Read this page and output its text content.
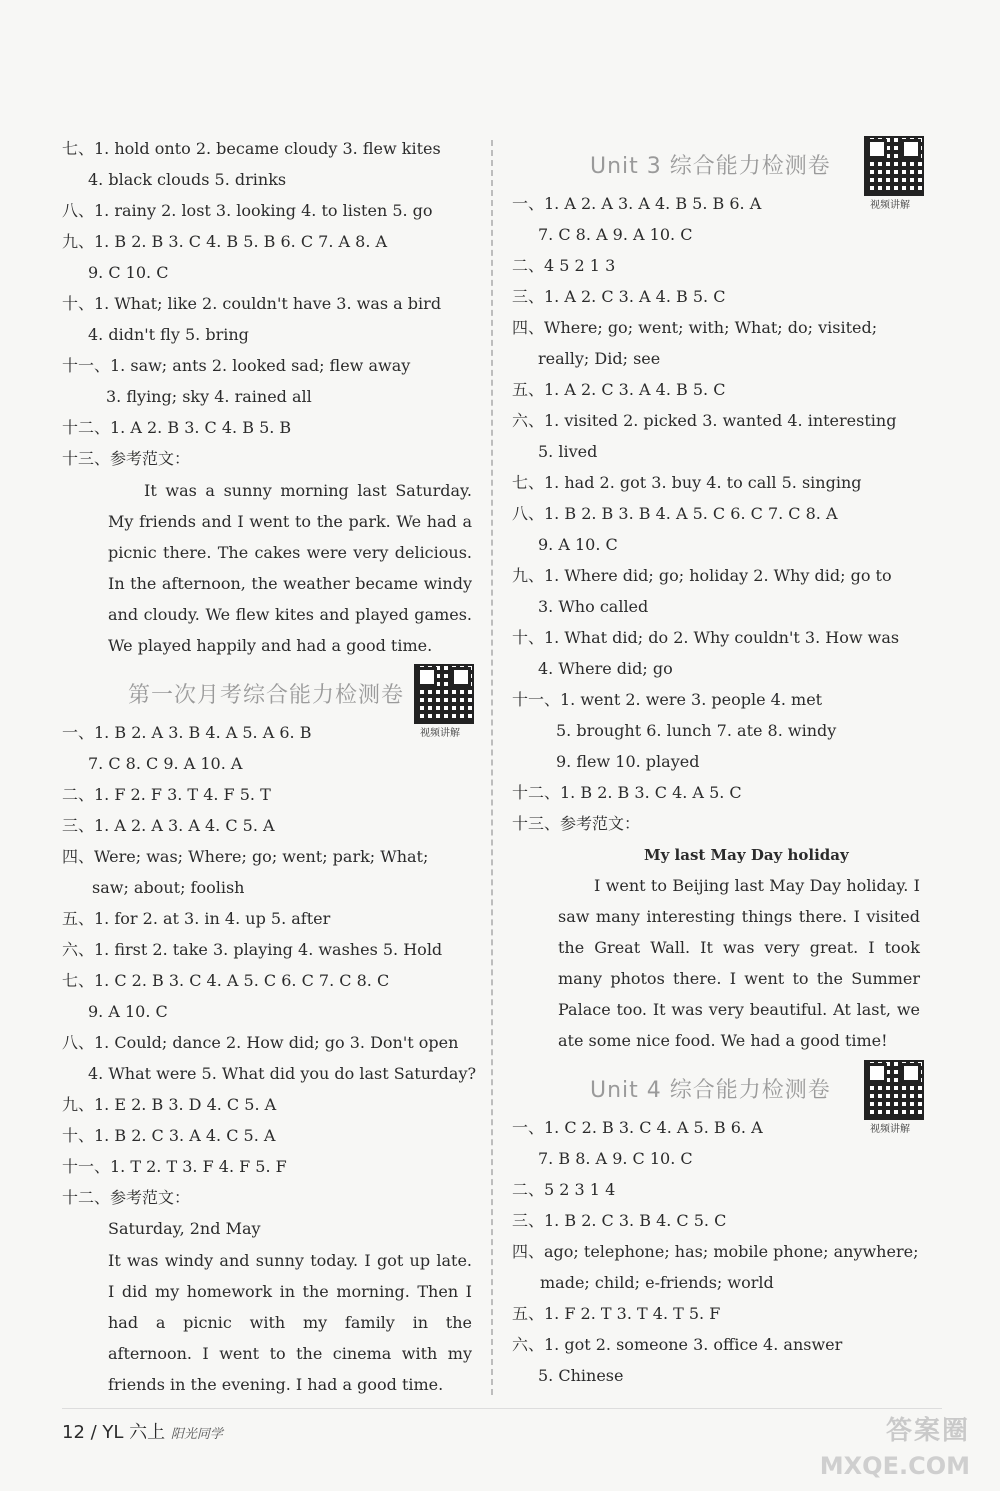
七、1. hold onto 2. became cloudy 3. flew kites
4. black clouds 5. drinks
八、1. rainy 2. lost 3. looking 4. to listen 5. go
九、1. B 2. B 3. C 4. B 5. B 6. C 7. A 8. A
9. C 10. C
十、1. What; like 2. couldn't have 3. was a bird
4. didn't fly 5. bring
十一、1. saw; ants 2. looked sad; flew away
3. flying; sky 4. rained all
十二、1. A 2. B 3. C 4. B 5. B
十三、参考范文：
It was a sunny morning last Saturday. My friends and I went to the park. We had a picnic there. The cakes were very delicious. In the afternoon, the weather became windy and cloudy. We flew kites and played games. We played happily and had a good time.
第一次月考综合能力检测卷
视频讲解
一、1. B 2. A 3. B 4. A 5. A 6. B
7. C 8. C 9. A 10. A
二、1. F 2. F 3. T 4. F 5. T
三、1. A 2. A 3. A 4. C 5. A
四、Were; was; Where; go; went; park; What;
saw; about; foolish
五、1. for 2. at 3. in 4. up 5. after
六、1. first 2. take 3. playing 4. washes 5. Hold
七、1. C 2. B 3. C 4. A 5. C 6. C 7. C 8. C
9. A 10. C
八、1. Could; dance 2. How did; go 3. Don't open
4. What were 5. What did you do last Saturday?
九、1. E 2. B 3. D 4. C 5. A
十、1. B 2. C 3. A 4. C 5. A
十一、1. T 2. T 3. F 4. F 5. F
十二、参考范文：
Saturday, 2nd May
It was windy and sunny today. I got up late. I did my homework in the morning. Then I had a picnic with my family in the afternoon. I went to the cinema with my friends in the evening. I had a good time.
Unit 3 综合能力检测卷
视频讲解
一、1. A 2. A 3. A 4. B 5. B 6. A
7. C 8. A 9. A 10. C
二、4 5 2 1 3
三、1. A 2. C 3. A 4. B 5. C
四、Where; go; went; with; What; do; visited;
really; Did; see
五、1. A 2. C 3. A 4. B 5. C
六、1. visited 2. picked 3. wanted 4. interesting
5. lived
七、1. had 2. got 3. buy 4. to call 5. singing
八、1. B 2. B 3. B 4. A 5. C 6. C 7. C 8. A
9. A 10. C
九、1. Where did; go; holiday 2. Why did; go to
3. Who called
十、1. What did; do 2. Why couldn't 3. How was
4. Where did; go
十一、1. went 2. were 3. people 4. met
5. brought 6. lunch 7. ate 8. windy
9. flew 10. played
十二、1. B 2. B 3. C 4. A 5. C
十三、参考范文：
My last May Day holiday
I went to Beijing last May Day holiday. I saw many interesting things there. I visited the Great Wall. It was very great. I took many photos there. I went to the Summer Palace too. It was very beautiful. At last, we ate some nice food. We had a good time!
Unit 4 综合能力检测卷
视频讲解
一、1. C 2. B 3. C 4. A 5. B 6. A
7. B 8. A 9. C 10. C
二、5 2 3 1 4
三、1. B 2. C 3. B 4. C 5. C
四、ago; telephone; has; mobile phone; anywhere;
made; child; e-friends; world
五、1. F 2. T 3. T 4. T 5. F
六、1. got 2. someone 3. office 4. answer
5. Chinese
12 / YL 六上 阳光同学	答案圈
MXQE.COM
